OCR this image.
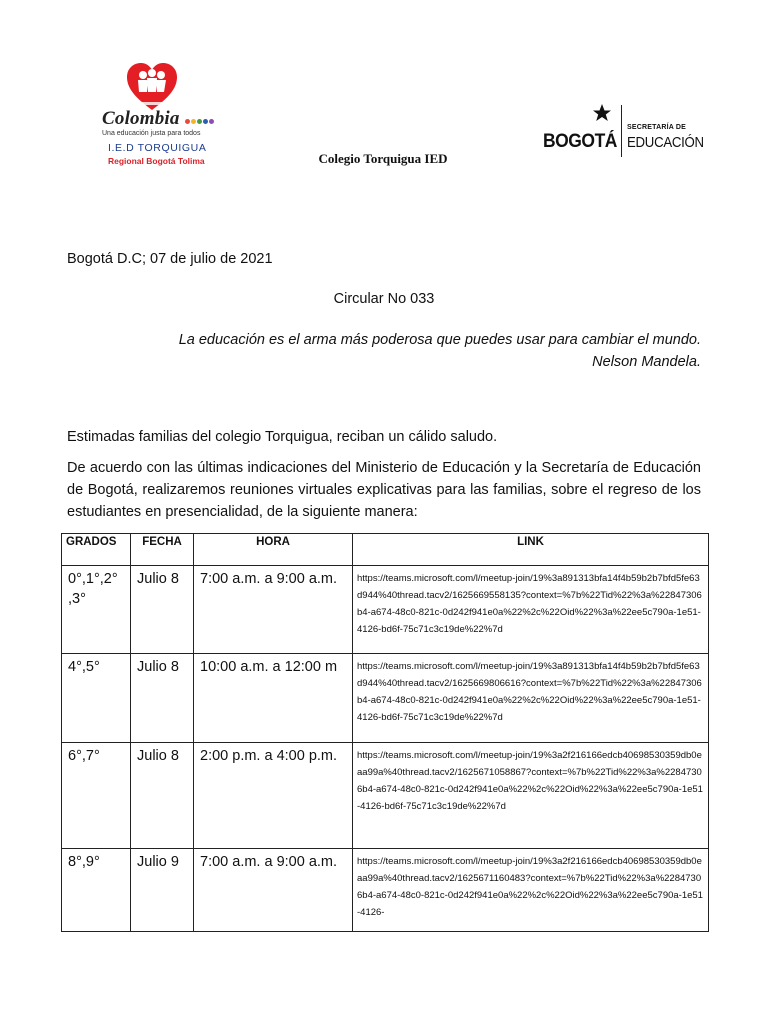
Colombia
Una educación justa para todos
I.E.D TORQUIGUA
Regional Bogotá Tolima	Colegio Torquigua IED
BOGOTÁ
SECRETARÍA DE
EDUCACIÓN
Bogotá D.C; 07 de julio de 2021
Circular No 033
La educación es el arma más poderosa que puedes usar para cambiar el mundo.
Nelson Mandela.
Estimadas familias del colegio Torquigua, reciban un cálido saludo.
De acuerdo con las últimas indicaciones del Ministerio de Educación y la Secretaría de Educación de Bogotá, realizaremos reuniones virtuales explicativas para las familias, sobre el regreso de los estudiantes en presencialidad, de la siguiente manera:
GRADOS	FECHA	HORA	LINK
0°,1°,2° ,3°	Julio 8	7:00 a.m. a 9:00 a.m.	https://teams.microsoft.com/l/meetup-join/19%3a891313bfa14f4b59b2b7bfd5fe63d944%40thread.tacv2/1625669558135?context=%7b%22Tid%22%3a%22847306b4-a674-48c0-821c-0d242f941e0a%22%2c%22Oid%22%3a%22ee5c790a-1e51-4126-bd6f-75c71c3c19de%22%7d
4°,5°	Julio 8	10:00 a.m. a 12:00 m	https://teams.microsoft.com/l/meetup-join/19%3a891313bfa14f4b59b2b7bfd5fe63d944%40thread.tacv2/1625669806616?context=%7b%22Tid%22%3a%22847306b4-a674-48c0-821c-0d242f941e0a%22%2c%22Oid%22%3a%22ee5c790a-1e51-4126-bd6f-75c71c3c19de%22%7d
6°,7°	Julio 8	2:00 p.m. a 4:00 p.m.	https://teams.microsoft.com/l/meetup-join/19%3a2f216166edcb40698530359db0eaa99a%40thread.tacv2/1625671058867?context=%7b%22Tid%22%3a%22847306b4-a674-48c0-821c-0d242f941e0a%22%2c%22Oid%22%3a%22ee5c790a-1e51-4126-bd6f-75c71c3c19de%22%7d
8°,9°	Julio 9	7:00 a.m. a 9:00 a.m.	https://teams.microsoft.com/l/meetup-join/19%3a2f216166edcb40698530359db0eaa99a%40thread.tacv2/1625671160483?context=%7b%22Tid%22%3a%22847306b4-a674-48c0-821c-0d242f941e0a%22%2c%22Oid%22%3a%22ee5c790a-1e51-4126-
